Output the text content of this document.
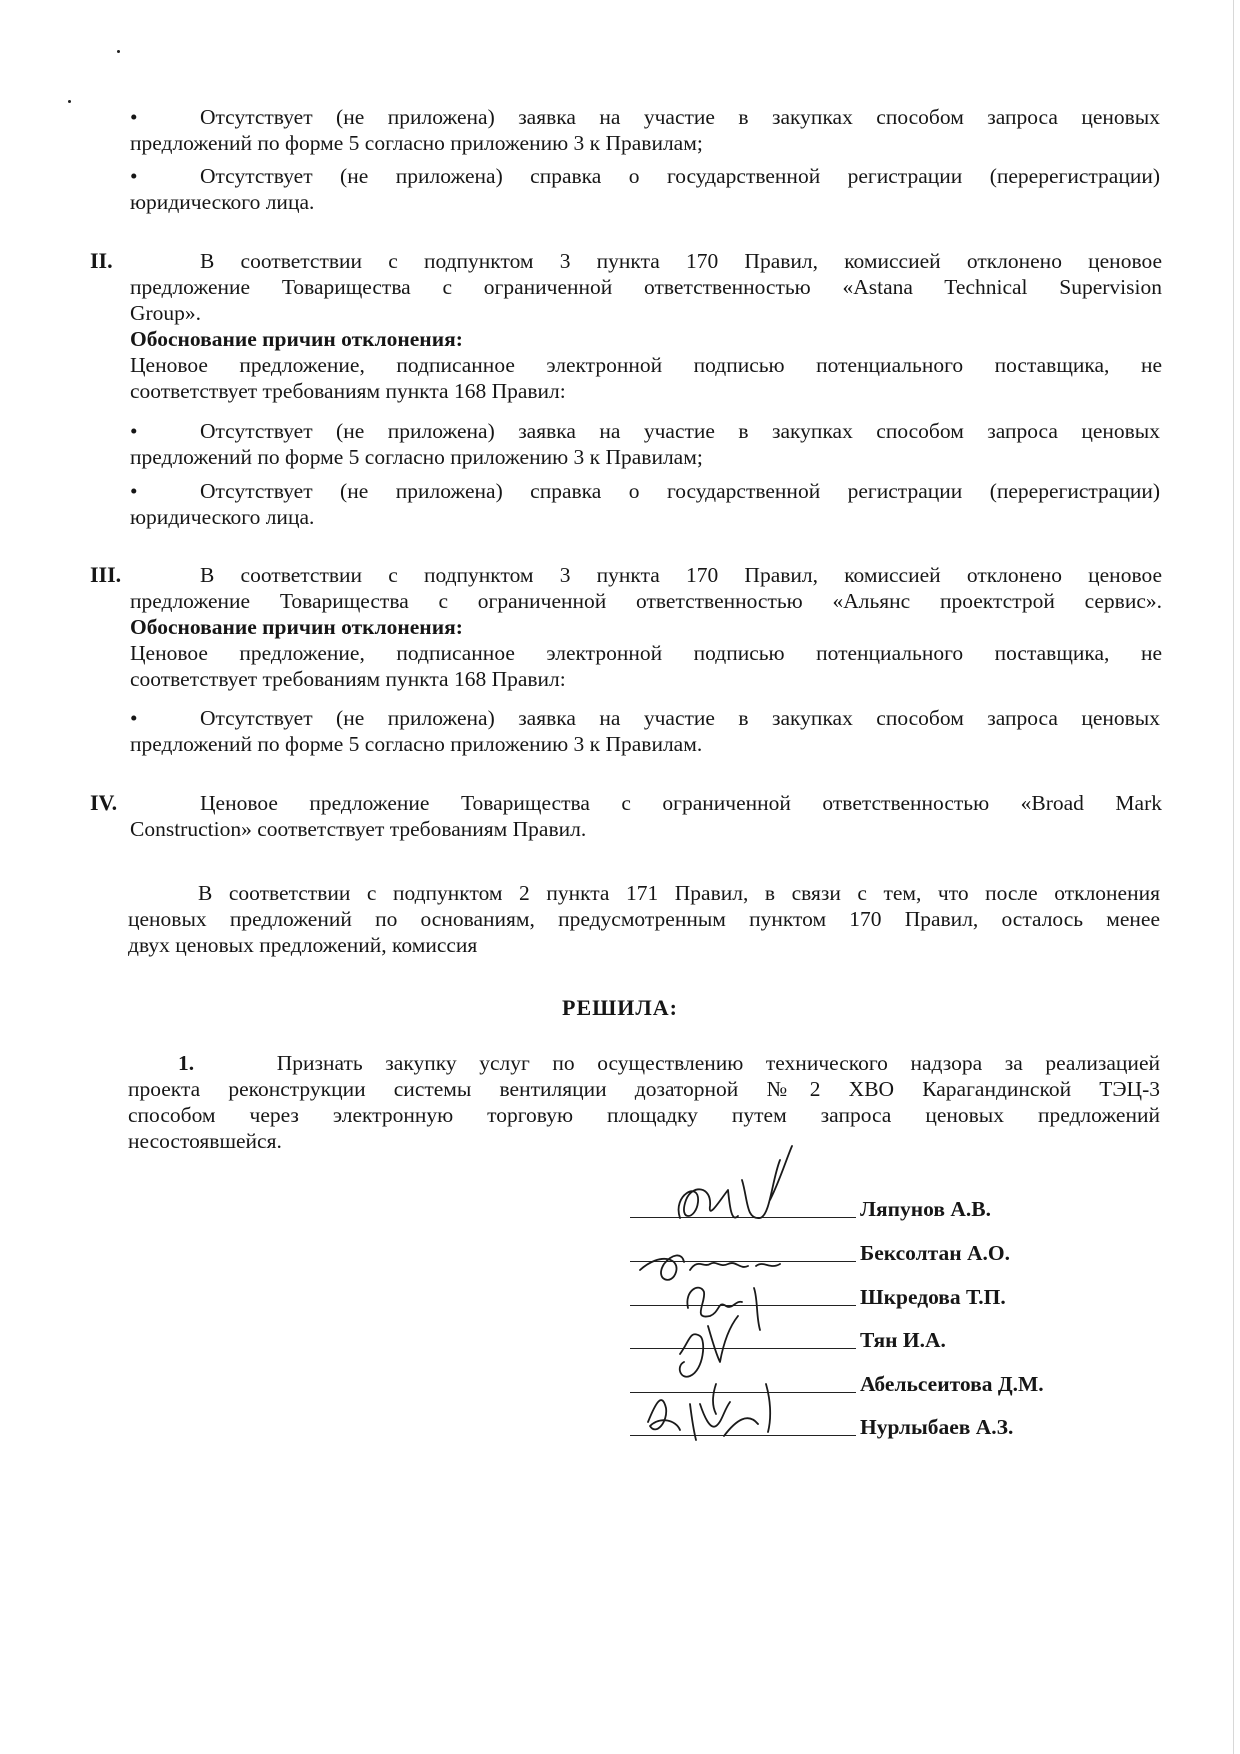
•	Отсутствует (не приложена) заявка на участие в закупках способом запроса ценовых
предложений по форме 5 согласно приложению 3 к Правилам;
•	Отсутствует (не приложена) справка о государственной регистрации (перерегистрации)
юридического лица.
II.	В соответствии с подпунктом 3 пункта 170 Правил, комиссией отклонено ценовое
предложение Товарищества с ограниченной ответственностью «Astana Technical Supervision
Group».
Обоснование причин отклонения:
Ценовое предложение, подписанное электронной подписью потенциального поставщика, не
соответствует требованиям пункта 168 Правил:
•	Отсутствует (не приложена) заявка на участие в закупках способом запроса ценовых
предложений по форме 5 согласно приложению 3 к Правилам;
•	Отсутствует (не приложена) справка о государственной регистрации (перерегистрации)
юридического лица.
III.	В соответствии с подпунктом 3 пункта 170 Правил, комиссией отклонено ценовое
предложение Товарищества с ограниченной ответственностью «Альянс проектстрой сервис».
Обоснование причин отклонения:
Ценовое предложение, подписанное электронной подписью потенциального поставщика, не
соответствует требованиям пункта 168 Правил:
•	Отсутствует (не приложена) заявка на участие в закупках способом запроса ценовых
предложений по форме 5 согласно приложению 3 к Правилам.
IV.	Ценовое предложение Товарищества с ограниченной ответственностью «Broad Mark
Construction» соответствует требованиям Правил.
В соответствии с подпунктом 2 пункта 171 Правил, в связи с тем, что после отклонения
ценовых предложений по основаниям, предусмотренным пунктом 170 Правил, осталось менее
двух ценовых предложений, комиссия
РЕШИЛА:
1.	Признать закупку услуг по осуществлению технического надзора за реализацией
проекта реконструкции системы вентиляции дозаторной №2 ХВО Карагандинской ТЭЦ-3
способом через электронную торговую площадку путем запроса ценовых предложений
несостоявшейся.
Ляпунов А.В.
Бексолтан А.О.
Шкредова Т.П.
Тян И.А.
Абельсеитова Д.М.
Нурлыбаев А.З.
